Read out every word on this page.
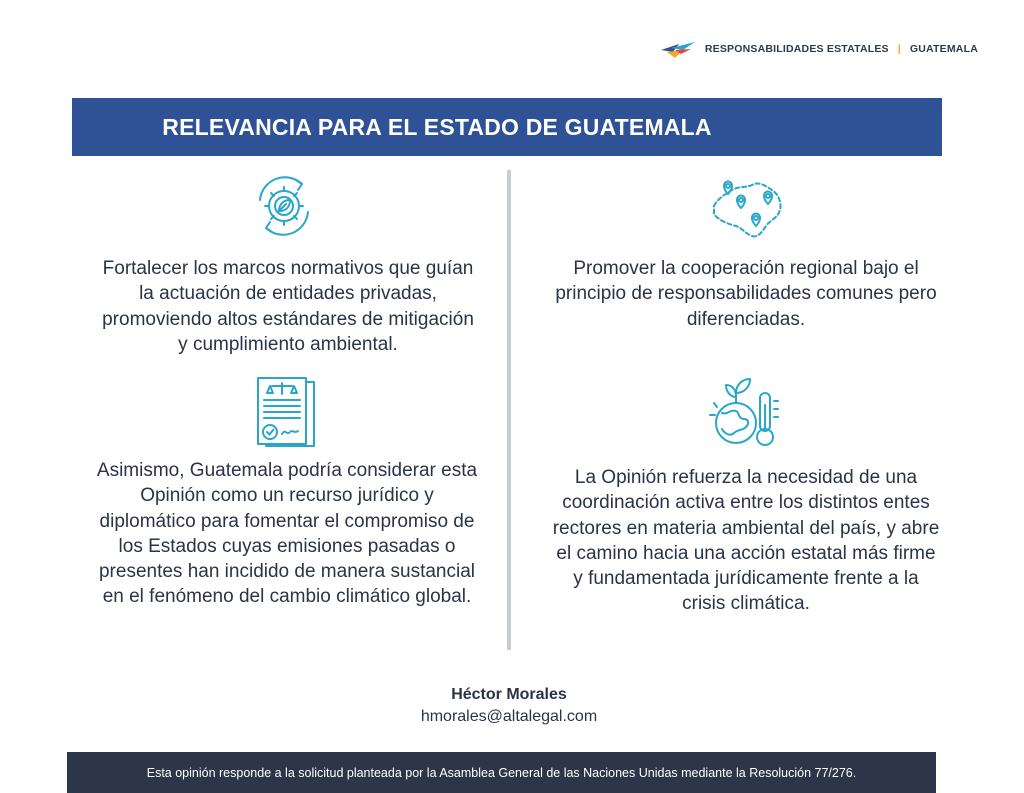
RESPONSABILIDADES ESTATALES | GUATEMALA
RELEVANCIA PARA EL ESTADO DE GUATEMALA
Fortalecer los marcos normativos que guían la actuación de entidades privadas, promoviendo altos estándares de mitigación y cumplimiento ambiental.
Promover la cooperación regional bajo el principio de responsabilidades comunes pero diferenciadas.
Asimismo, Guatemala podría considerar esta Opinión como un recurso jurídico y diplomático para fomentar el compromiso de los Estados cuyas emisiones pasadas o presentes han incidido de manera sustancial en el fenómeno del cambio climático global.
La Opinión refuerza la necesidad de una coordinación activa entre los distintos entes rectores en materia ambiental del país, y abre el camino hacia una acción estatal más firme y fundamentada jurídicamente frente a la crisis climática.
Héctor Morales
hmorales@altalegal.com
Esta opinión responde a la solicitud planteada por la Asamblea General de las Naciones Unidas mediante la Resolución 77/276.
